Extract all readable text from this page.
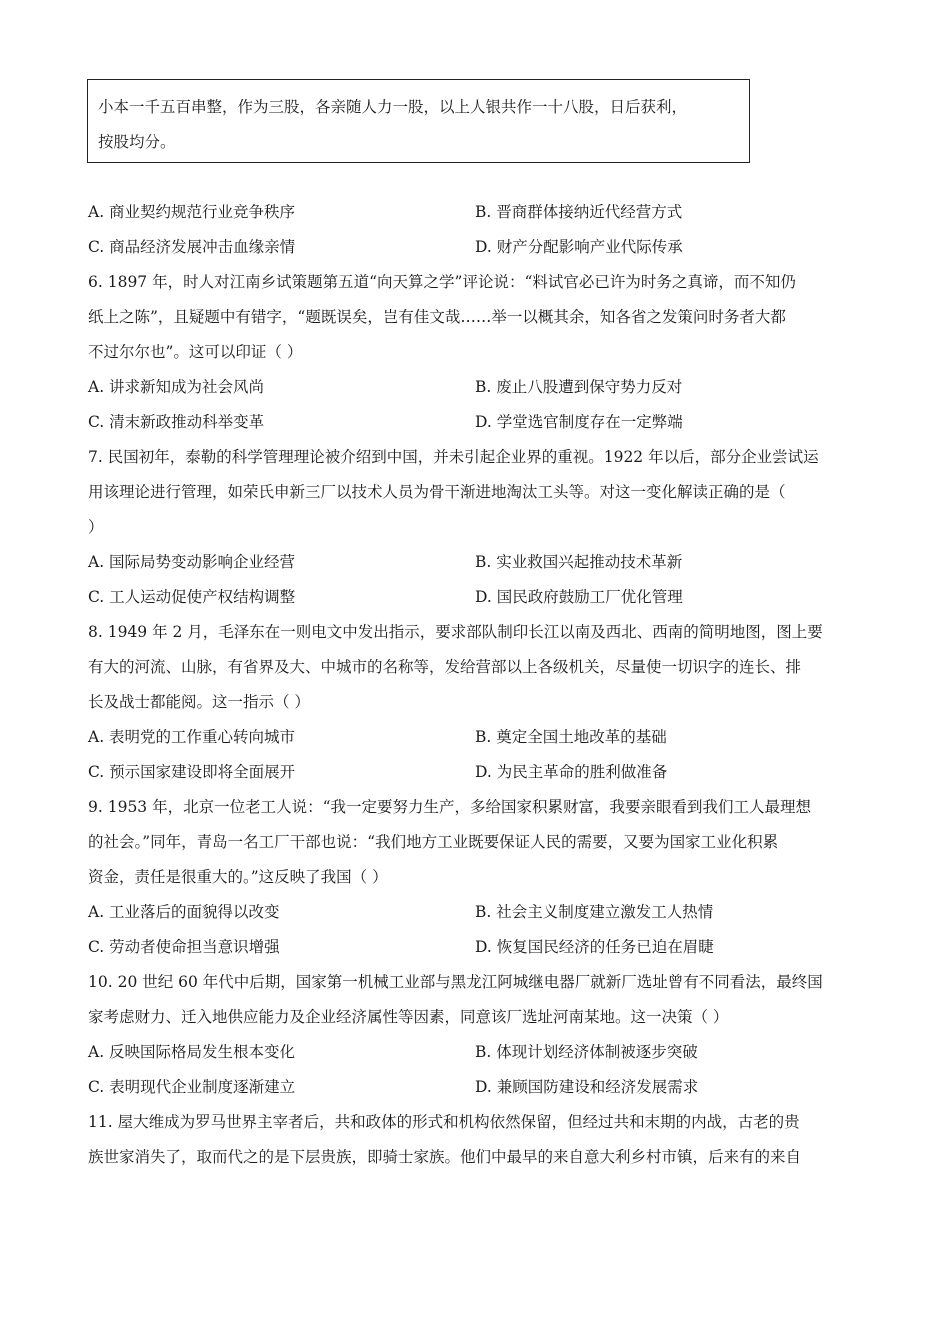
小本一千五百串整，作为三股，各亲随人力一股，以上人银共作一十八股，日后获利，
按股均分。
A. 商业契约规范行业竞争秩序	B. 晋商群体接纳近代经营方式
C. 商品经济发展冲击血缘亲情	D. 财产分配影响产业代际传承
6. 1897 年，时人对江南乡试策题第五道“向天算之学”评论说：“料试官必已许为时务之真谛，而不知仍
纸上之陈”，且疑题中有错字，“题既误矣，岂有佳文哉……举一以概其余，知各省之发策问时务者大都
不过尔尔也”。这可以印证（ ）
A. 讲求新知成为社会风尚	B. 废止八股遭到保守势力反对
C. 清末新政推动科举变革	D. 学堂选官制度存在一定弊端
7. 民国初年，泰勒的科学管理理论被介绍到中国，并未引起企业界的重视。1922 年以后，部分企业尝试运
用该理论进行管理，如荣氏申新三厂以技术人员为骨干渐进地淘汰工头等。对这一变化解读正确的是（
）
A. 国际局势变动影响企业经营	B. 实业救国兴起推动技术革新
C. 工人运动促使产权结构调整	D. 国民政府鼓励工厂优化管理
8. 1949 年 2 月，毛泽东在一则电文中发出指示，要求部队制印长江以南及西北、西南的简明地图，图上要
有大的河流、山脉，有省界及大、中城市的名称等，发给营部以上各级机关，尽量使一切识字的连长、排
长及战士都能阅。这一指示（ ）
A. 表明党的工作重心转向城市	B. 奠定全国土地改革的基础
C. 预示国家建设即将全面展开	D. 为民主革命的胜利做准备
9. 1953 年，北京一位老工人说：“我一定要努力生产，多给国家积累财富，我要亲眼看到我们工人最理想
的社会。”同年，青岛一名工厂干部也说：“我们地方工业既要保证人民的需要，又要为国家工业化积累
资金，责任是很重大的。”这反映了我国（ ）
A. 工业落后的面貌得以改变	B. 社会主义制度建立激发工人热情
C. 劳动者使命担当意识增强	D. 恢复国民经济的任务已迫在眉睫
10. 20 世纪 60 年代中后期，国家第一机械工业部与黑龙江阿城继电器厂就新厂选址曾有不同看法，最终国
家考虑财力、迁入地供应能力及企业经济属性等因素，同意该厂选址河南某地。这一决策（ ）
A. 反映国际格局发生根本变化	B. 体现计划经济体制被逐步突破
C. 表明现代企业制度逐渐建立	D. 兼顾国防建设和经济发展需求
11. 屋大维成为罗马世界主宰者后，共和政体的形式和机构依然保留，但经过共和末期的内战，古老的贵
族世家消失了，取而代之的是下层贵族，即骑士家族。他们中最早的来自意大利乡村市镇，后来有的来自
